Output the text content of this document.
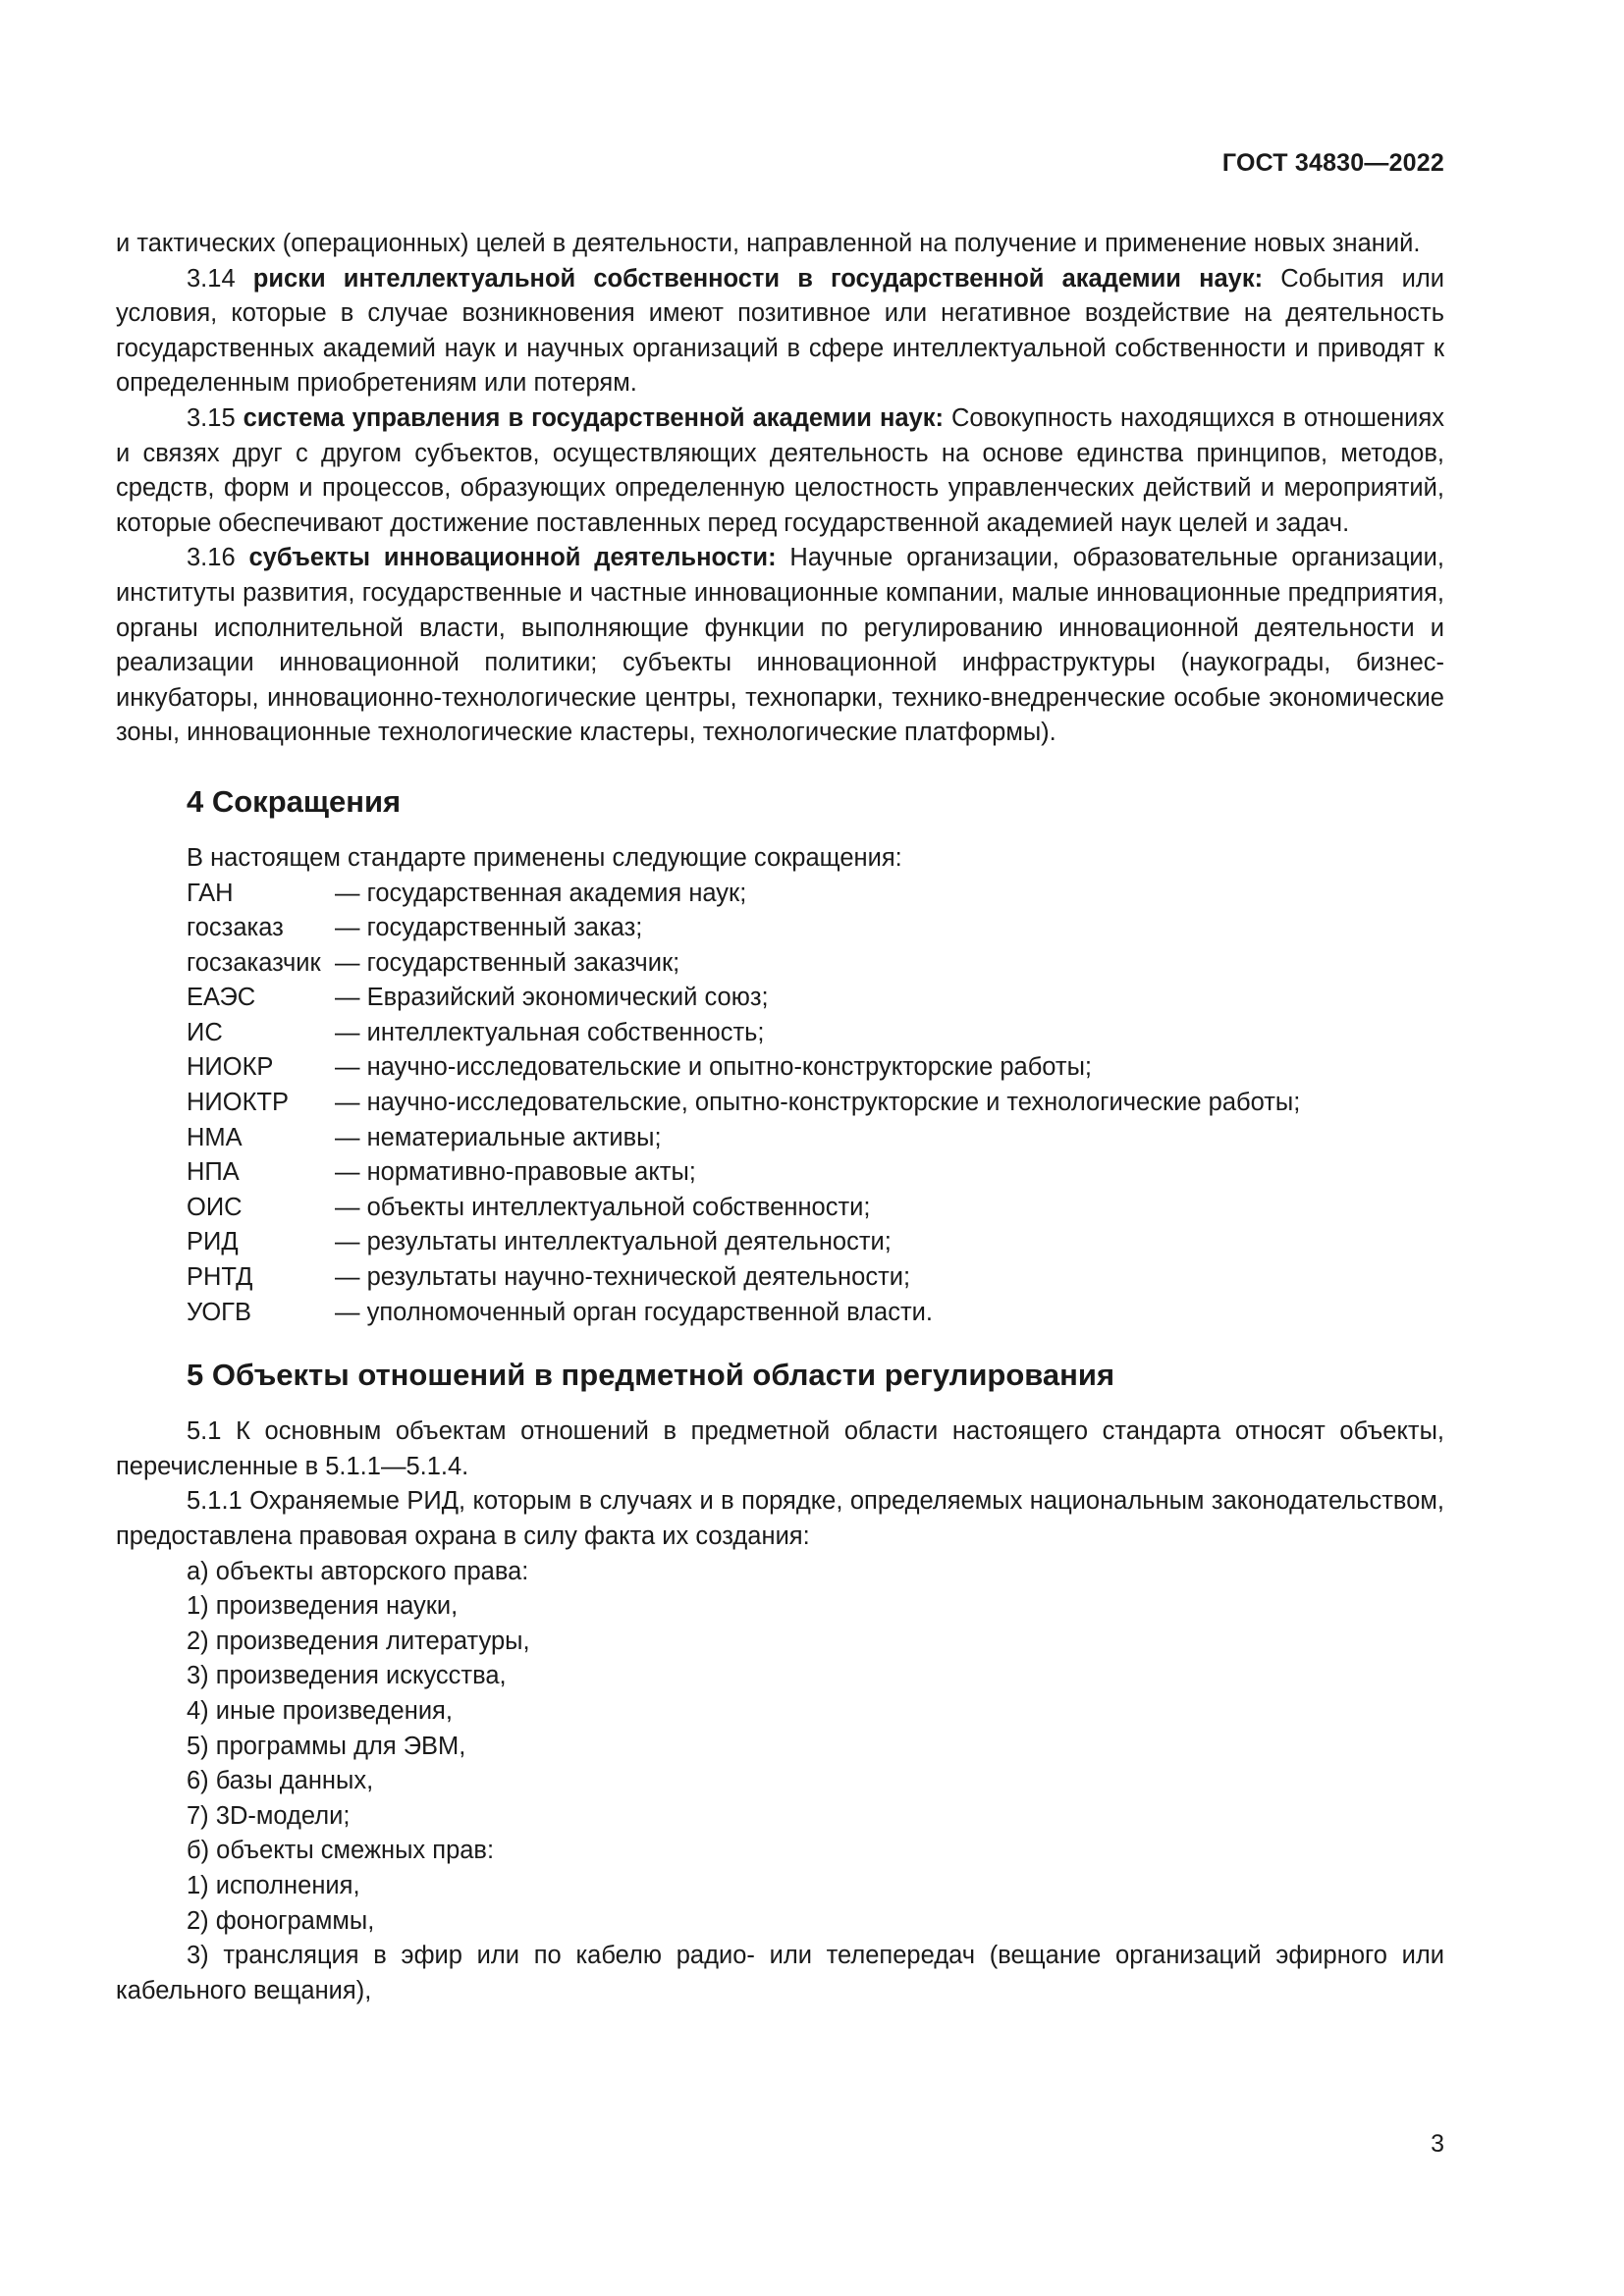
ГОСТ 34830—2022

и тактических (операционных) целей в деятельности, направленной на получение и применение новых знаний.

3.14 риски интеллектуальной собственности в государственной академии наук: События или условия, которые в случае возникновения имеют позитивное или негативное воздействие на деятельность государственных академий наук и научных организаций в сфере интеллектуальной собственности и приводят к определенным приобретениям или потерям.

3.15 система управления в государственной академии наук: Совокупность находящихся в отношениях и связях друг с другом субъектов, осуществляющих деятельность на основе единства принципов, методов, средств, форм и процессов, образующих определенную целостность управленческих действий и мероприятий, которые обеспечивают достижение поставленных перед государственной академией наук целей и задач.

3.16 субъекты инновационной деятельности: Научные организации, образовательные организации, институты развития, государственные и частные инновационные компании, малые инновационные предприятия, органы исполнительной власти, выполняющие функции по регулированию инновационной деятельности и реализации инновационной политики; субъекты инновационной инфраструктуры (наукограды, бизнес-инкубаторы, инновационно-технологические центры, технопарки, технико-внедренческие особые экономические зоны, инновационные технологические кластеры, технологические платформы).

4 Сокращения

В настоящем стандарте применены следующие сокращения:

ГАН	— государственная академия наук;
госзаказ	— государственный заказ;
госзаказчик — государственный заказчик;
ЕАЭС	— Евразийский экономический союз;
ИС	— интеллектуальная собственность;
НИОКР	— научно-исследовательские и опытно-конструкторские работы;
НИОКТР	— научно-исследовательские, опытно-конструкторские и технологические работы;
НМА	— нематериальные активы;
НПА	— нормативно-правовые акты;
ОИС	— объекты интеллектуальной собственности;
РИД	— результаты интеллектуальной деятельности;
РНТД	— результаты научно-технической деятельности;
УОГВ	— уполномоченный орган государственной власти.
5 Объекты отношений в предметной области регулирования

5.1 К основным объектам отношений в предметной области настоящего стандарта относят объекты, перечисленные в 5.1.1—5.1.4.

5.1.1 Охраняемые РИД, которым в случаях и в порядке, определяемых национальным законодательством, предоставлена правовая охрана в силу факта их создания:

а) объекты авторского права:

1) произведения науки,

2) произведения литературы,

3) произведения искусства,

4) иные произведения,

5) программы для ЭВМ,

6) базы данных,

7) 3D-модели;

б) объекты смежных прав:

1) исполнения,

2) фонограммы,

3) трансляция в эфир или по кабелю радио- или телепередач (вещание организаций эфирного или кабельного вещания),

3
